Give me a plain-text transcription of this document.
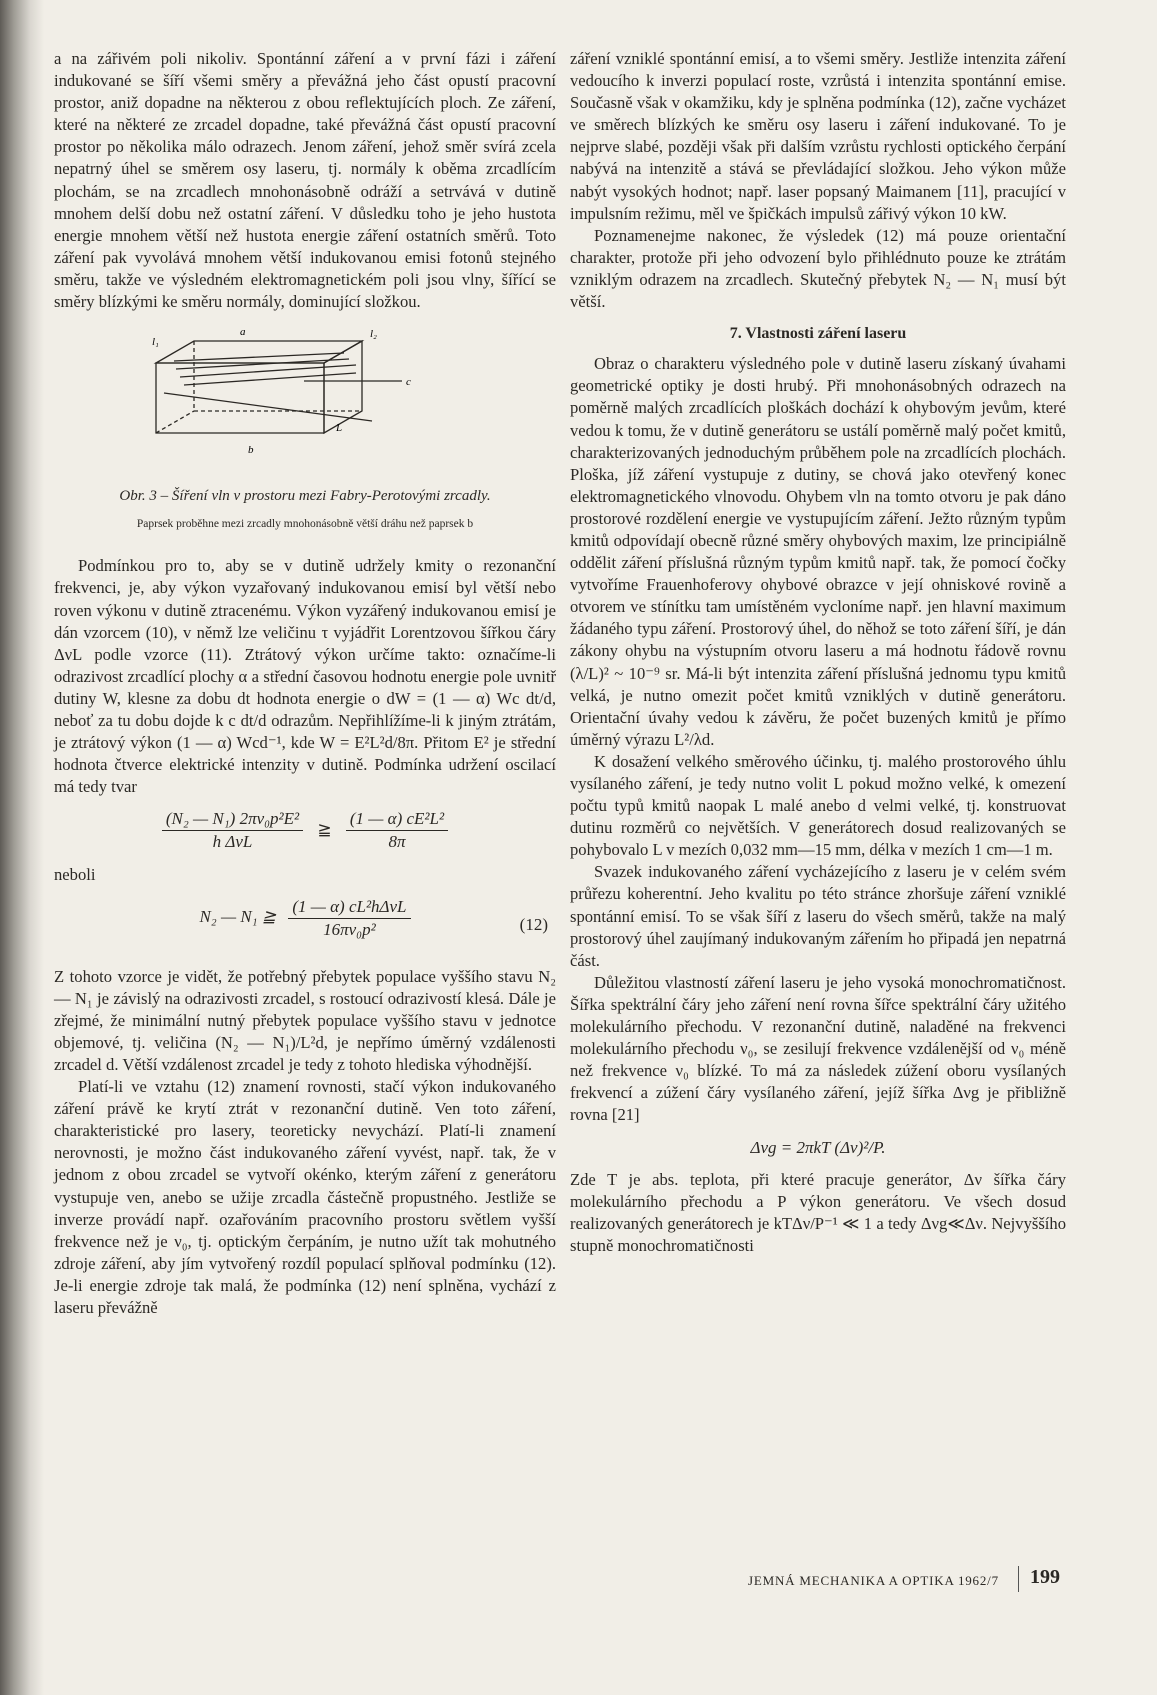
a na zářivém poli nikoliv. Spontánní záření a v první fázi i záření indukované se šíří všemi směry a převážná jeho část opustí pracovní prostor, aniž dopadne na některou z obou reflektujících ploch. Ze záření, které na některé ze zrcadel dopadne, také převážná část opustí pracovní prostor po několika málo odrazech. Jenom záření, jehož směr svírá zcela nepatrný úhel se směrem osy laseru, tj. normály k oběma zrcadlícím plochám, se na zrcadlech mnohonásobně odráží a setrvává v dutině mnohem delší dobu než ostatní záření. V důsledku toho je jeho hustota energie mnohem větší než hustota energie záření ostatních směrů. Toto záření pak vyvolává mnohem větší indukovanou emisi fotonů stejného směru, takže ve výsledném elektromagnetickém poli jsou vlny, šířící se směry blízkými ke směru normály, dominující složkou.

l₁
l₂
a
b
c
L
Obr. 3 – Šíření vln v prostoru mezi Fabry-Perotovými zrcadly.
Paprsek proběhne mezi zrcadly mnohonásobně větší dráhu než paprsek b

Podmínkou pro to, aby se v dutině udržely kmity o rezonanční frekvenci, je, aby výkon vyzařovaný indukovanou emisí byl větší nebo roven výkonu v dutině ztracenému. Výkon vyzářený indukovanou emisí je dán vzorcem (10), v němž lze veličinu τ vyjádřit Lorentzovou šířkou čáry ΔνL podle vzorce (11). Ztrátový výkon určíme takto: označíme-li odrazivost zrcadlící plochy α a střední časovou hodnotu energie pole uvnitř dutiny W, klesne za dobu dt hodnota energie o dW = (1 — α) Wc dt/d, neboť za tu dobu dojde k c dt/d odrazům. Nepřihlížíme-li k jiným ztrátám, je ztrátový výkon (1 — α) Wcd⁻¹, kde W = E²L²d/8π. Přitom E² je střední hodnota čtverce elektrické intenzity v dutině. Podmínka udržení oscilací má tedy tvar

$\frac{\text{(N₂ — N₁) 2πν₀p²E²}}{\text{h ΔνL}}$ ≧ $\frac{\text{(1 — α) cE²L²}}{8\pi}$

neboli

N₂ — N₁ ≧ $\frac{\text{(1 — α) cL²hΔνL}}{\text{16πν₀p²}}$	(12)

Z tohoto vzorce je vidět, že potřebný přebytek populace vyššího stavu N₂ — N₁ je závislý na odrazivosti zrcadel, s rostoucí odrazivostí klesá. Dále je zřejmé, že minimální nutný přebytek populace vyššího stavu v jednotce objemové, tj. veličina (N₂ — N₁)/L²d, je nepřímo úměrný vzdálenosti zrcadel d. Větší vzdálenost zrcadel je tedy z tohoto hlediska výhodnější.

Platí-li ve vztahu (12) znamení rovnosti, stačí výkon indukovaného záření právě ke krytí ztrát v rezonanční dutině. Ven toto záření, charakteristické pro lasery, teoreticky nevychází. Platí-li znamení nerovnosti, je možno část indukovaného záření vyvést, např. tak, že v jednom z obou zrcadel se vytvoří okénko, kterým záření z generátoru vystupuje ven, anebo se užije zrcadla částečně propustného. Jestliže se inverze provádí např. ozařováním pracovního prostoru světlem vyšší frekvence než je ν₀, tj. optickým čerpáním, je nutno užít tak mohutného zdroje záření, aby jím vytvořený rozdíl populací splňoval podmínku (12). Je-li energie zdroje tak malá, že podmínka (12) není splněna, vychází z laseru převážně

záření vzniklé spontánní emisí, a to všemi směry. Jestliže intenzita záření vedoucího k inverzi populací roste, vzrůstá i intenzita spontánní emise. Současně však v okamžiku, kdy je splněna podmínka (12), začne vycházet ve směrech blízkých ke směru osy laseru i záření indukované. To je nejprve slabé, později však při dalším vzrůstu rychlosti optického čerpání nabývá na intenzitě a stává se převládající složkou. Jeho výkon může nabýt vysokých hodnot; např. laser popsaný Maimanem [11], pracující v impulsním režimu, měl ve špičkách impulsů zářivý výkon 10 kW.

Poznamenejme nakonec, že výsledek (12) má pouze orientační charakter, protože při jeho odvození bylo přihlédnuto pouze ke ztrátám vzniklým odrazem na zrcadlech. Skutečný přebytek N₂ — N₁ musí být větší.

7. Vlastnosti záření laseru

Obraz o charakteru výsledného pole v dutině laseru získaný úvahami geometrické optiky je dosti hrubý. Při mnohonásobných odrazech na poměrně malých zrcadlících ploškách dochází k ohybovým jevům, které vedou k tomu, že v dutině generátoru se ustálí poměrně malý počet kmitů, charakterizovaných jednoduchým průběhem pole na zrcadlících plochách. Ploška, jíž záření vystupuje z dutiny, se chová jako otevřený konec elektromagnetického vlnovodu. Ohybem vln na tomto otvoru je pak dáno prostorové rozdělení energie ve vystupujícím záření. Ježto různým typům kmitů odpovídají obecně různé směry ohybových maxim, lze principiálně oddělit záření příslušná různým typům kmitů např. tak, že pomocí čočky vytvoříme Frauenhoferovy ohybové obrazce v její ohniskové rovině a otvorem ve stínítku tam umístěném vycloníme např. jen hlavní maximum žádaného typu záření. Prostorový úhel, do něhož se toto záření šíří, je dán zákony ohybu na výstupním otvoru laseru a má hodnotu řádově rovnu (λ/L)² ~ 10⁻⁹ sr. Má-li být intenzita záření příslušná jednomu typu kmitů velká, je nutno omezit počet kmitů vzniklých v dutině generátoru. Orientační úvahy vedou k závěru, že počet buzených kmitů je přímo úměrný výrazu L²/λd.

K dosažení velkého směrového účinku, tj. malého prostorového úhlu vysílaného záření, je tedy nutno volit L pokud možno velké, k omezení počtu typů kmitů naopak L malé anebo d velmi velké, tj. konstruovat dutinu rozměrů co největších. V generátorech dosud realizovaných se pohybovalo L v mezích 0,032 mm—15 mm, délka v mezích 1 cm—1 m.

Svazek indukovaného záření vycházejícího z laseru je v celém svém průřezu koherentní. Jeho kvalitu po této stránce zhoršuje záření vzniklé spontánní emisí. To se však šíří z laseru do všech směrů, takže na malý prostorový úhel zaujímaný indukovaným zářením ho připadá jen nepatrná část.

Důležitou vlastností záření laseru je jeho vysoká monochromatičnost. Šířka spektrální čáry jeho záření není rovna šířce spektrální čáry užitého molekulárního přechodu. V rezonanční dutině, naladěné na frekvenci molekulárního přechodu ν₀, se zesilují frekvence vzdálenější od ν₀ méně než frekvence ν₀ blízké. To má za následek zúžení oboru vysílaných frekvencí a zúžení čáry vysílaného záření, jejíž šířka Δνg je přibližně rovna [21]

Δνg = 2πkT (Δν)²/P.

Zde T je abs. teplota, při které pracuje generátor, Δν šířka čáry molekulárního přechodu a P výkon generátoru. Ve všech dosud realizovaných generátorech je kTΔν/P⁻¹ ≪ 1 a tedy Δνg≪Δν. Nejvyššího stupně monochromatičnosti

JEMNÁ MECHANIKA A OPTIKA 1962/7 199
